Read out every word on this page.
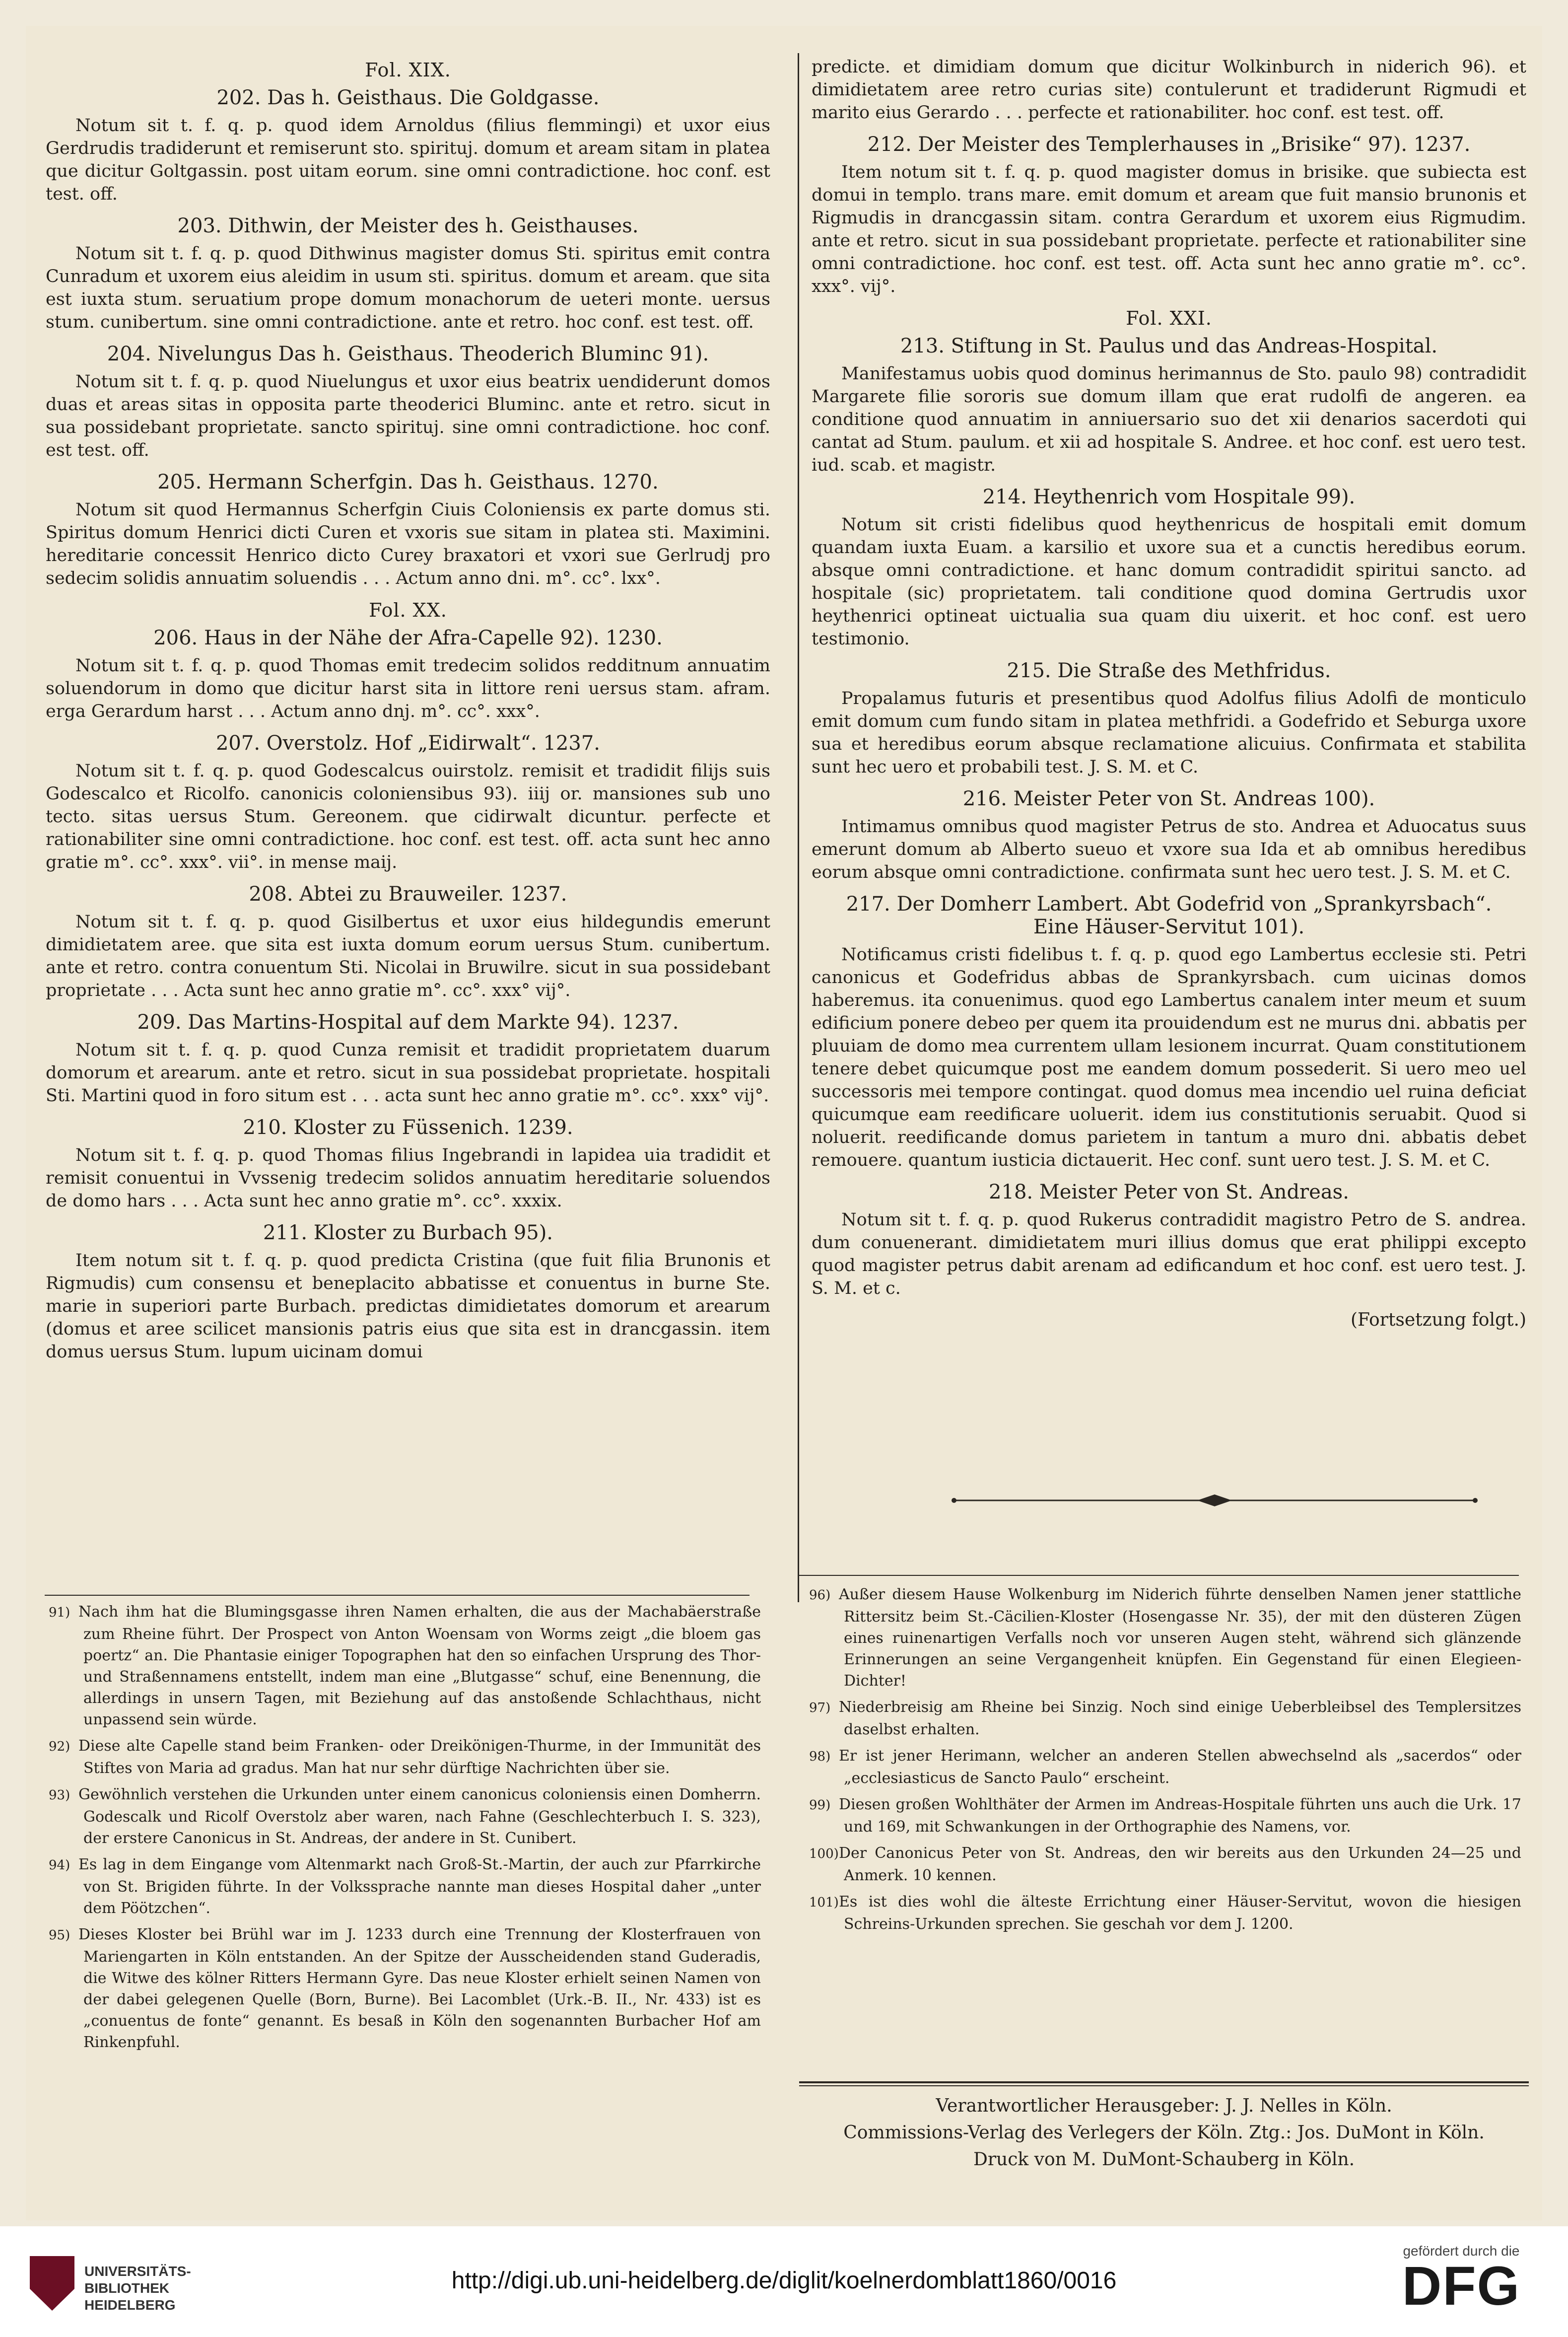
Fol. XIX.
202. Das h. Geisthaus. Die Goldgasse.

Notum sit t. f. q. p. quod idem Arnoldus (filius flemmingi) et uxor eius Gerdrudis tradiderunt et remiserunt sto. spirituj. domum et aream sitam in platea que dicitur Goltgassin. post uitam eorum. sine omni contradictione. hoc conf. est test. off.

203. Dithwin, der Meister des h. Geisthauses.

Notum sit t. f. q. p. quod Dithwinus magister domus Sti. spiritus emit contra Cunradum et uxorem eius aleidim in usum sti. spiritus. domum et aream. que sita est iuxta stum. seruatium prope domum monachorum de ueteri monte. uersus stum. cunibertum. sine omni contradictione. ante et retro. hoc conf. est test. off.

204. Nivelungus Das h. Geisthaus. Theoderich Bluminc 91).

Notum sit t. f. q. p. quod Niuelungus et uxor eius beatrix uendiderunt domos duas et areas sitas in opposita parte theoderici Bluminc. ante et retro. sicut in sua possidebant proprietate. sancto spirituj. sine omni contradictione. hoc conf. est test. off.

205. Hermann Scherfgin. Das h. Geisthaus. 1270.

Notum sit quod Hermannus Scherfgin Ciuis Coloniensis ex parte domus sti. Spiritus domum Henrici dicti Curen et vxoris sue sitam in platea sti. Maximini. hereditarie concessit Henrico dicto Curey braxatori et vxori sue Gerlrudj pro sedecim solidis annuatim soluendis . . . Actum anno dni. m°. cc°. lxx°.

Fol. XX.
206. Haus in der Nähe der Afra-Capelle 92). 1230.

Notum sit t. f. q. p. quod Thomas emit tredecim solidos redditnum annuatim soluendorum in domo que dicitur harst sita in littore reni uersus stam. afram. erga Gerardum harst . . . Actum anno dnj. m°. cc°. xxx°.

207. Overstolz. Hof „Eidirwalt“. 1237.

Notum sit t. f. q. p. quod Godescalcus ouirstolz. remisit et tradidit filijs suis Godescalco et Ricolfo. canonicis coloniensibus 93). iiij or. mansiones sub uno tecto. sitas uersus Stum. Gereonem. que cidirwalt dicuntur. perfecte et rationabiliter sine omni contradictione. hoc conf. est test. off. acta sunt hec anno gratie m°. cc°. xxx°. vii°. in mense maij.

208. Abtei zu Brauweiler. 1237.

Notum sit t. f. q. p. quod Gisilbertus et uxor eius hildegundis emerunt dimidietatem aree. que sita est iuxta domum eorum uersus Stum. cunibertum. ante et retro. contra conuentum Sti. Nicolai in Bruwilre. sicut in sua possidebant proprietate . . . Acta sunt hec anno gratie m°. cc°. xxx° vij°.

209. Das Martins-Hospital auf dem Markte 94). 1237.

Notum sit t. f. q. p. quod Cunza remisit et tradidit proprietatem duarum domorum et arearum. ante et retro. sicut in sua possidebat proprietate. hospitali Sti. Martini quod in foro situm est . . . acta sunt hec anno gratie m°. cc°. xxx° vij°.

210. Kloster zu Füssenich. 1239.

Notum sit t. f. q. p. quod Thomas filius Ingebrandi in lapidea uia tradidit et remisit conuentui in Vvssenig tredecim solidos annuatim hereditarie soluendos de domo hars . . . Acta sunt hec anno gratie m°. cc°. xxxix.

211. Kloster zu Burbach 95).

Item notum sit t. f. q. p. quod predicta Cristina (que fuit filia Brunonis et Rigmudis) cum consensu et beneplacito abbatisse et conuentus in burne Ste. marie in superiori parte Burbach. predictas dimidietates domorum et arearum (domus et aree scilicet mansionis patris eius que sita est in drancgassin. item domus uersus Stum. lupum uicinam domui

predicte. et dimidiam domum que dicitur Wolkinburch in niderich 96). et dimidietatem aree retro curias site) contulerunt et tradiderunt Rigmudi et marito eius Gerardo . . . perfecte et rationabiliter. hoc conf. est test. off.

212. Der Meister des Templerhauses in „Brisike“ 97). 1237.

Item notum sit t. f. q. p. quod magister domus in brisike. que subiecta est domui in templo. trans mare. emit domum et aream que fuit mansio brunonis et Rigmudis in drancgassin sitam. contra Gerardum et uxorem eius Rigmudim. ante et retro. sicut in sua possidebant proprietate. perfecte et rationabiliter sine omni contradictione. hoc conf. est test. off. Acta sunt hec anno gratie m°. cc°. xxx°. vij°.

Fol. XXI.
213. Stiftung in St. Paulus und das Andreas-Hospital.

Manifestamus uobis quod dominus herimannus de Sto. paulo 98) contradidit Margarete filie sororis sue domum illam que erat rudolfi de angeren. ea conditione quod annuatim in anniuersario suo det xii denarios sacerdoti qui cantat ad Stum. paulum. et xii ad hospitale S. Andree. et hoc conf. est uero test. iud. scab. et magistr.

214. Heythenrich vom Hospitale 99).

Notum sit cristi fidelibus quod heythenricus de hospitali emit domum quandam iuxta Euam. a karsilio et uxore sua et a cunctis heredibus eorum. absque omni contradictione. et hanc domum contradidit spiritui sancto. ad hospitale (sic) proprietatem. tali conditione quod domina Gertrudis uxor heythenrici optineat uictualia sua quam diu uixerit. et hoc conf. est uero testimonio.

215. Die Straße des Methfridus.

Propalamus futuris et presentibus quod Adolfus filius Adolfi de monticulo emit domum cum fundo sitam in platea methfridi. a Godefrido et Seburga uxore sua et heredibus eorum absque reclamatione alicuius. Confirmata et stabilita sunt hec uero et probabili test. J. S. M. et C.

216. Meister Peter von St. Andreas 100).

Intimamus omnibus quod magister Petrus de sto. Andrea et Aduocatus suus emerunt domum ab Alberto sueuo et vxore sua Ida et ab omnibus heredibus eorum absque omni contradictione. confirmata sunt hec uero test. J. S. M. et C.

217. Der Domherr Lambert. Abt Godefrid von „Sprankyrsbach“.
Eine Häuser-Servitut 101).

Notificamus cristi fidelibus t. f. q. p. quod ego Lambertus ecclesie sti. Petri canonicus et Godefridus abbas de Sprankyrsbach. cum uicinas domos haberemus. ita conuenimus. quod ego Lambertus canalem inter meum et suum edificium ponere debeo per quem ita prouidendum est ne murus dni. abbatis per pluuiam de domo mea currentem ullam lesionem incurrat. Quam constitutionem tenere debet quicumque post me eandem domum possederit. Si uero meo uel successoris mei tempore contingat. quod domus mea incendio uel ruina deficiat quicumque eam reedificare uoluerit. idem ius constitutionis seruabit. Quod si noluerit. reedificande domus parietem in tantum a muro dni. abbatis debet remouere. quantum iusticia dictauerit. Hec conf. sunt uero test. J. S. M. et C.

218. Meister Peter von St. Andreas.

Notum sit t. f. q. p. quod Rukerus contradidit magistro Petro de S. andrea. dum conuenerant. dimidietatem muri illius domus que erat philippi excepto quod magister petrus dabit arenam ad edificandum et hoc conf. est uero test. J. S. M. et c.

(Fortsetzung folgt.)
91) Nach ihm hat die Blumingsgasse ihren Namen erhalten, die aus der Machabäerstraße zum Rheine führt. Der Prospect von Anton Woensam von Worms zeigt „die bloem gas poertz“ an. Die Phantasie einiger Topographen hat den so einfachen Ursprung des Thor- und Straßennamens entstellt, indem man eine „Blutgasse“ schuf, eine Benennung, die allerdings in unsern Tagen, mit Beziehung auf das anstoßende Schlachthaus, nicht unpassend sein würde.
92) Diese alte Capelle stand beim Franken- oder Dreikönigen-Thurme, in der Immunität des Stiftes von Maria ad gradus. Man hat nur sehr dürftige Nachrichten über sie.
93) Gewöhnlich verstehen die Urkunden unter einem canonicus coloniensis einen Domherrn. Godescalk und Ricolf Overstolz aber waren, nach Fahne (Geschlechterbuch I. S. 323), der erstere Canonicus in St. Andreas, der andere in St. Cunibert.
94) Es lag in dem Eingange vom Altenmarkt nach Groß-St.-Martin, der auch zur Pfarrkirche von St. Brigiden führte. In der Volkssprache nannte man dieses Hospital daher „unter dem Pöötzchen“.
95) Dieses Kloster bei Brühl war im J. 1233 durch eine Trennung der Klosterfrauen von Mariengarten in Köln entstanden. An der Spitze der Ausscheidenden stand Guderadis, die Witwe des kölner Ritters Hermann Gyre. Das neue Kloster erhielt seinen Namen von der dabei gelegenen Quelle (Born, Burne). Bei Lacomblet (Urk.-B. II., Nr. 433) ist es „conuentus de fonte“ genannt. Es besaß in Köln den sogenannten Burbacher Hof am Rinkenpfuhl.
96) Außer diesem Hause Wolkenburg im Niderich führte denselben Namen jener stattliche Rittersitz beim St.-Cäcilien-Kloster (Hosengasse Nr. 35), der mit den düsteren Zügen eines ruinenartigen Verfalls noch vor unseren Augen steht, während sich glänzende Erinnerungen an seine Vergangenheit knüpfen. Ein Gegenstand für einen Elegieen-Dichter!
97) Niederbreisig am Rheine bei Sinzig. Noch sind einige Ueberbleibsel des Templersitzes daselbst erhalten.
98) Er ist jener Herimann, welcher an anderen Stellen abwechselnd als „sacerdos“ oder „ecclesiasticus de Sancto Paulo“ erscheint.
99) Diesen großen Wohlthäter der Armen im Andreas-Hospitale führten uns auch die Urk. 17 und 169, mit Schwankungen in der Orthographie des Namens, vor.
100)Der Canonicus Peter von St. Andreas, den wir bereits aus den Urkunden 24—25 und Anmerk. 10 kennen.
101)Es ist dies wohl die älteste Errichtung einer Häuser-Servitut, wovon die hiesigen Schreins-Urkunden sprechen. Sie geschah vor dem J. 1200.
Verantwortlicher Herausgeber: J. J. Nelles in Köln.
Commissions-Verlag des Verlegers der Köln. Ztg.: Jos. DuMont in Köln.
Druck von M. DuMont-Schauberg in Köln.
UNIVERSITÄTS-
BIBLIOTHEK
HEIDELBERG
http://digi.ub.uni-heidelberg.de/diglit/koelnerdomblatt1860/0016
gefördert durch die
DFG
